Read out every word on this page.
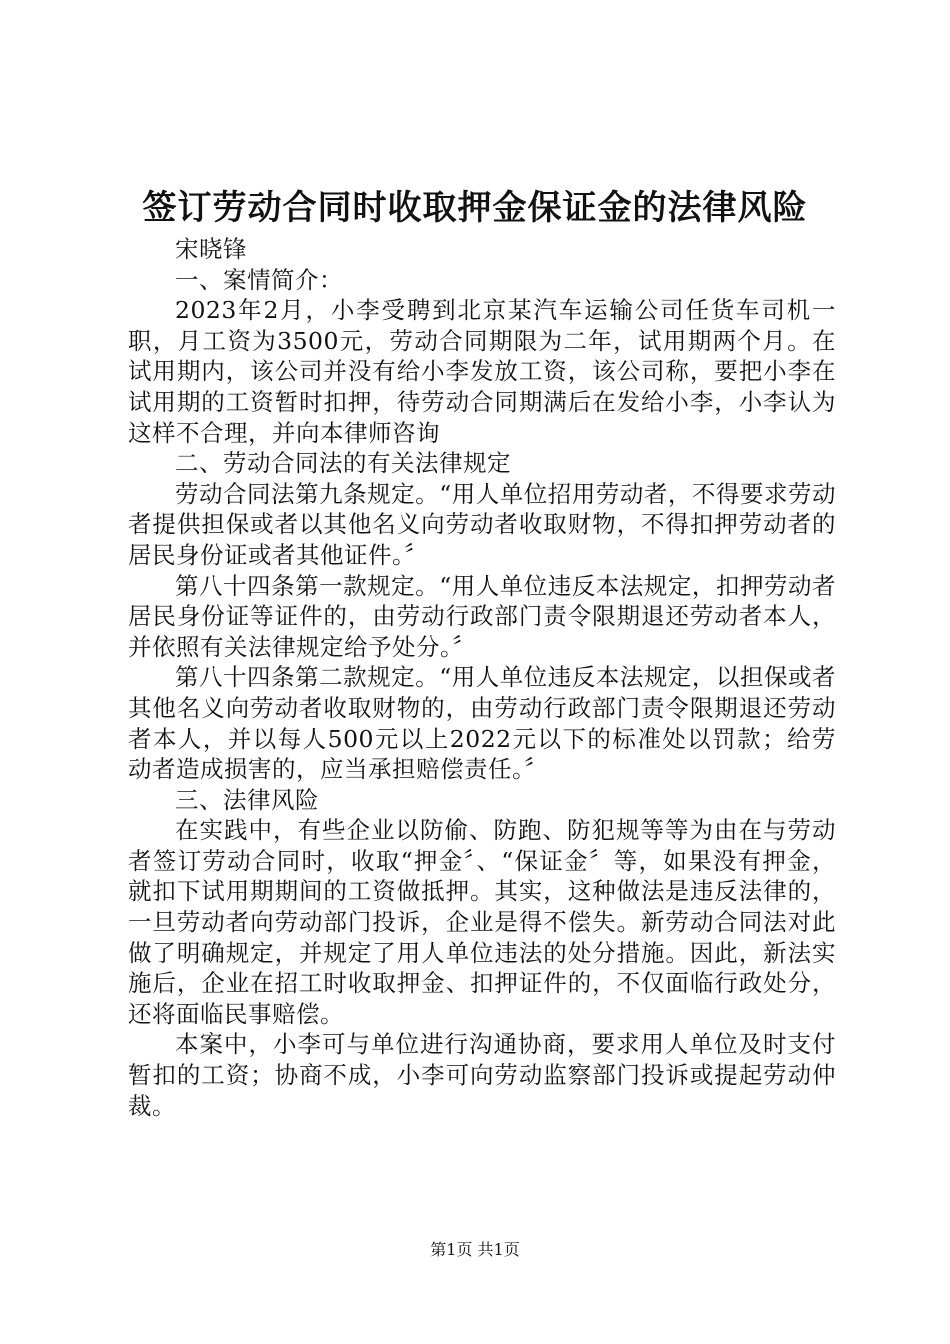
签订劳动合同时收取押金保证金的法律风险

宋晓锋

一、案情简介：

2023年2月，小李受聘到北京某汽车运输公司任货车司机一职，月工资为3500元，劳动合同期限为二年，试用期两个月。在试用期内，该公司并没有给小李发放工资，该公司称，要把小李在试用期的工资暂时扣押，待劳动合同期满后在发给小李，小李认为这样不合理，并向本律师咨询

二、劳动合同法的有关法律规定

劳动合同法第九条规定。“用人单位招用劳动者，不得要求劳动者提供担保或者以其他名义向劳动者收取财物，不得扣押劳动者的居民身份证或者其他证件。〞

第八十四条第一款规定。“用人单位违反本法规定，扣押劳动者居民身份证等证件的，由劳动行政部门责令限期退还劳动者本人，并依照有关法律规定给予处分。〞

第八十四条第二款规定。“用人单位违反本法规定，以担保或者其他名义向劳动者收取财物的，由劳动行政部门责令限期退还劳动者本人，并以每人500元以上2022元以下的标准处以罚款；给劳动者造成损害的，应当承担赔偿责任。〞

三、法律风险

在实践中，有些企业以防偷、防跑、防犯规等等为由在与劳动者签订劳动合同时，收取“押金〞、“保证金〞等，如果没有押金，就扣下试用期期间的工资做抵押。其实，这种做法是违反法律的，一旦劳动者向劳动部门投诉，企业是得不偿失。新劳动合同法对此做了明确规定，并规定了用人单位违法的处分措施。因此，新法实施后，企业在招工时收取押金、扣押证件的，不仅面临行政处分，还将面临民事赔偿。

本案中，小李可与单位进行沟通协商，要求用人单位及时支付暂扣的工资；协商不成，小李可向劳动监察部门投诉或提起劳动仲裁。

第1页 共1页
